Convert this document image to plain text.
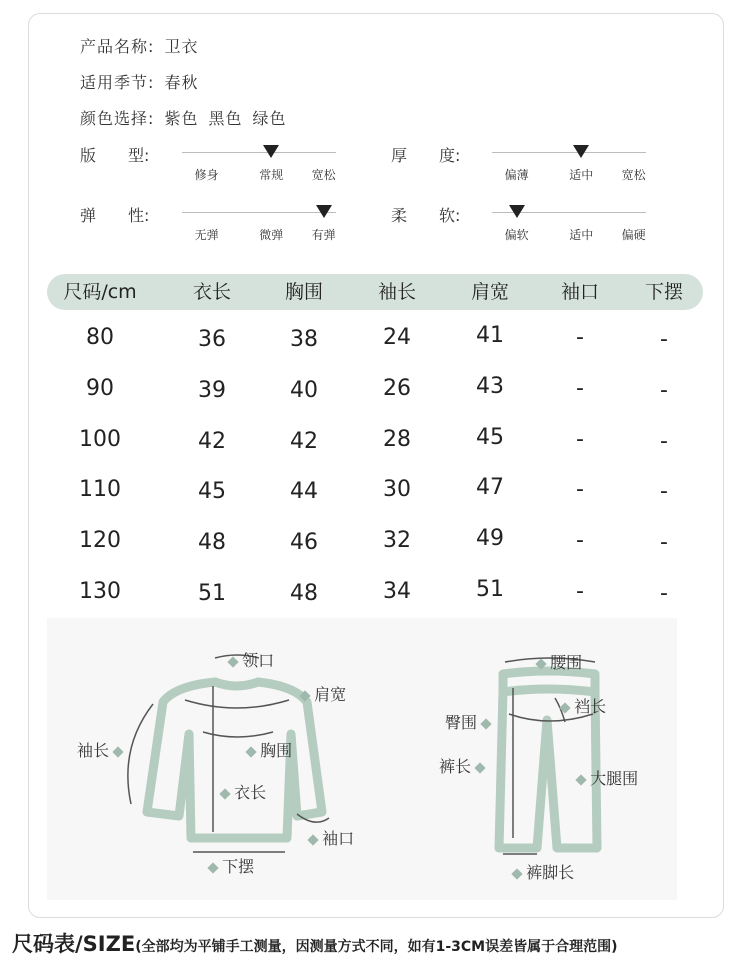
产品名称: 卫衣
适用季节: 春秋
颜色选择: 紫色 黑色 绿色
版  型:
修身	常规 宽松
厚  度:
偏薄	适中 宽松
弹  性:
无弹	微弹 有弹
柔  软:
偏软	适中 偏硬
尺码/cm	衣长	胸围	袖长	肩宽	袖口 下摆
80	36	38	24	41	-	-
90	39	40	26	43	-	-
100	42	42	28	45	-	-
110	45	44	30	47	-	-
120	48	46	32	49	-	-
130	51	48	34	51	-	-
领口
肩宽
袖长	胸围
衣长
袖口
下摆
腰围
裆长
臀围
裤长
大腿围
裤脚长
尺码表/SIZE(全部均为平铺手工测量，因测量方式不同，如有1-3CM误差皆属于合理范围)
